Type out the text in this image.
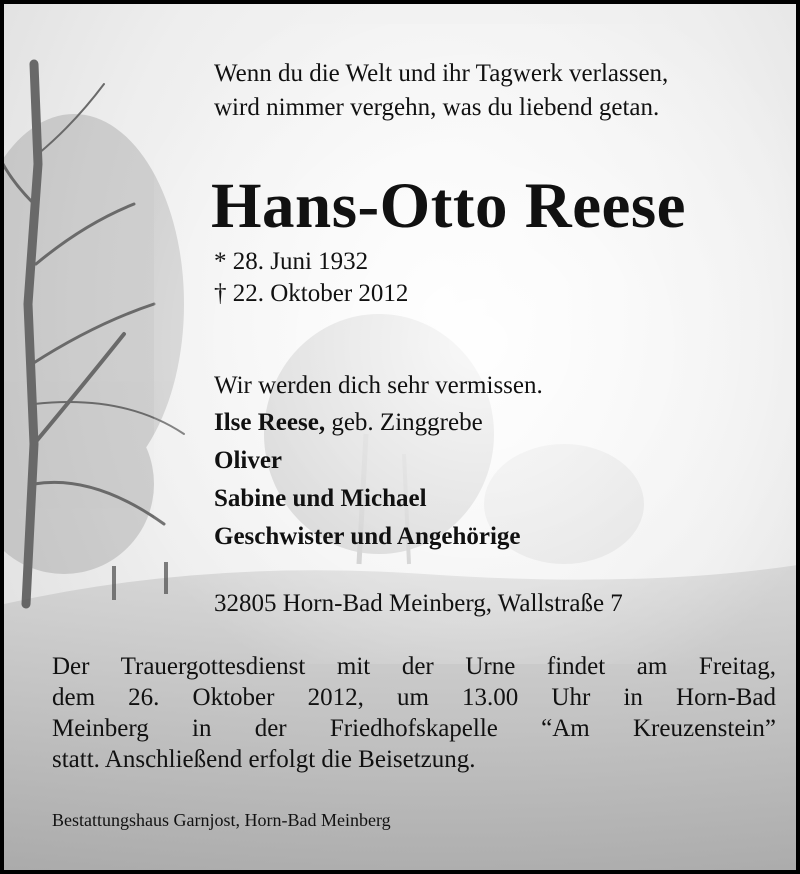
Wenn du die Welt und ihr Tagwerk verlassen,
wird nimmer vergehn, was du liebend getan.
Hans-Otto Reese
* 28. Juni 1932
† 22. Oktober 2012
Wir werden dich sehr vermissen.
Ilse Reese, geb. Zinggrebe
Oliver
Sabine und Michael
Geschwister und Angehörige
32805 Horn-Bad Meinberg, Wallstraße 7
Der Trauergottesdienst mit der Urne findet am Freitag,
dem 26. Oktober 2012, um 13.00 Uhr in Horn-Bad
Meinberg in der Friedhofskapelle “Am Kreuzenstein”
statt. Anschließend erfolgt die Beisetzung.
Bestattungshaus Garnjost, Horn-Bad Meinberg
